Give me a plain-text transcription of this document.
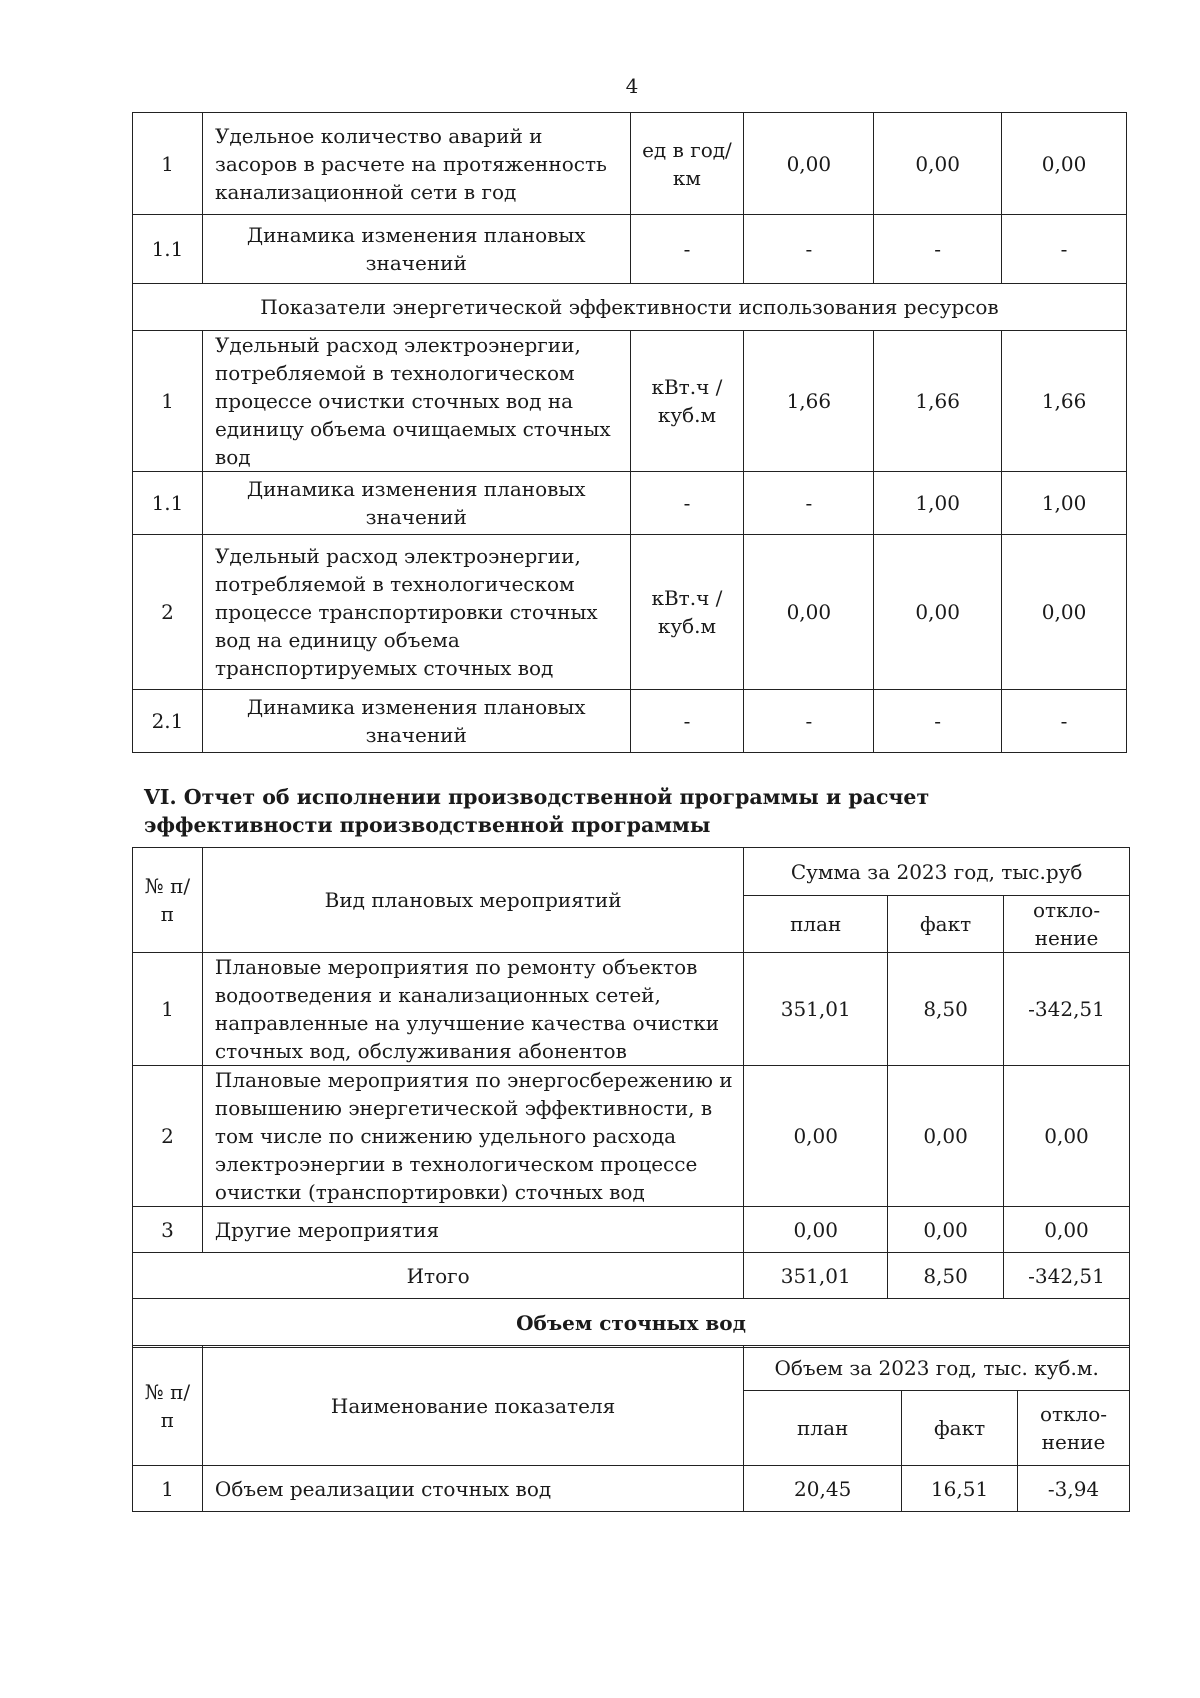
4
1	Удельное количество аварий и засоров в расчете на протяженность канализационной сети в год	ед в год/ км	0,00	0,00	0,00
1.1	Динамика изменения плановых значений	-	-	-	-
Показатели энергетической эффективности использования ресурсов					
1	Удельный расход электроэнергии, потребляемой в технологическом процессе очистки сточных вод на единицу объема очищаемых сточных вод	кВт.ч / куб.м	1,66	1,66	1,66
1.1	Динамика изменения плановых значений	-	-	1,00	1,00
2	Удельный расход электроэнергии, потребляемой в технологическом процессе транспортировки сточных вод на единицу объема транспортируемых сточных вод	кВт.ч / куб.м	0,00	0,00	0,00
2.1	Динамика изменения плановых значений	-	-	-	-
VI. Отчет об исполнении производственной программы и расчет эффективности производственной программы
№ п/п	Вид плановых мероприятий	Сумма за 2023 год, тыс.руб		
		план	факт	откло-нение
1	Плановые мероприятия по ремонту объектов водоотведения и канализационных сетей, направленные на улучшение качества очистки сточных вод, обслуживания абонентов	351,01	8,50	-342,51
2	Плановые мероприятия по энергосбережению и повышению энергетической эффективности, в том числе по снижению удельного расхода электроэнергии в технологическом процессе очистки (транспортировки) сточных вод	0,00	0,00	0,00
3	Другие мероприятия	0,00	0,00	0,00
Итого		351,01	8,50	-342,51
Объем сточных вод				
№ п/п	Наименование показателя	Объем за 2023 год, тыс. куб.м.		
		план	факт	откло-нение
1	Объем реализации сточных вод	20,45	16,51	-3,94
